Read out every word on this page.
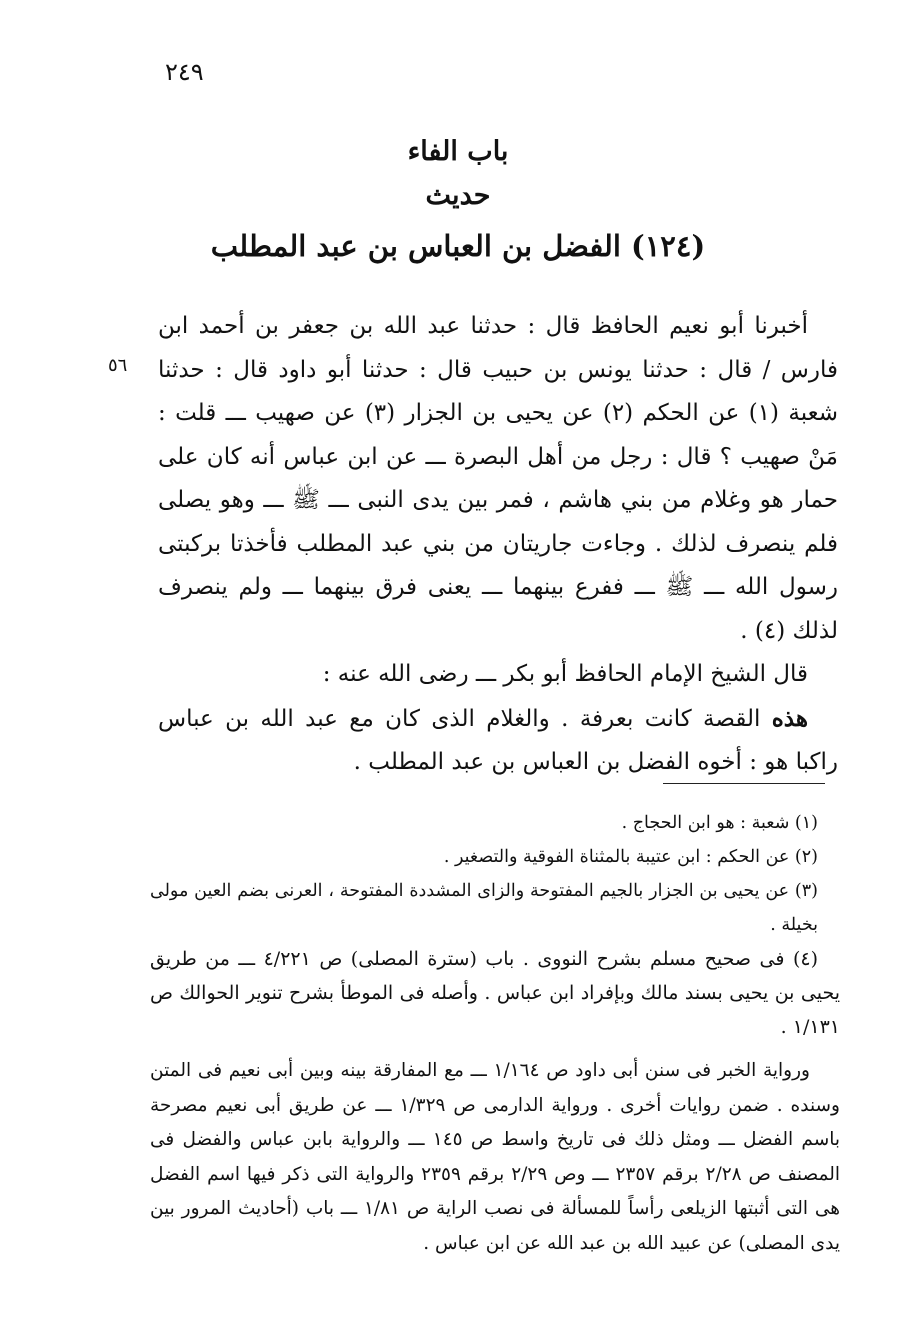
٢٤٩
٥٦
باب الفاء
حديث
(١٢٤) الفضل بن العباس بن عبد المطلب

أخبرنا أبو نعيم الحافظ قال : حدثنا عبد الله بن جعفر بن أحمد ابن فارس / قال : حدثنا يونس بن حبيب قال : حدثنا أبو داود قال : حدثنا شعبة (١) عن الحكم (٢) عن يحيى بن الجزار (٣) عن صهيب ـــ قلت : مَنْ صهيب ؟ قال : رجل من أهل البصرة ـــ عن ابن عباس أنه كان على حمار هو وغلام من بني هاشم ، فمر بين يدى النبى ـــ ﷺ ـــ وهو يصلى فلم ينصرف لذلك . وجاءت جاريتان من بني عبد المطلب فأخذتا بركبتى رسول الله ـــ ﷺ ـــ ففرع بينهما ـــ يعنى فرق بينهما ـــ ولم ينصرف لذلك (٤) .

قال الشيخ الإمام الحافظ أبو بكر ـــ رضى الله عنه :

هذه القصة كانت بعرفة . والغلام الذى كان مع عبد الله بن عباس راكبا هو : أخوه الفضل بن العباس بن عبد المطلب .

(١) شعبة : هو ابن الحجاج .

(٢) عن الحكم : ابن عتيبة بالمثناة الفوقية والتصغير .

(٣) عن يحيى بن الجزار بالجيم المفتوحة والزاى المشددة المفتوحة ، العرنى بضم العين مولى بخيلة .

(٤) فى صحيح مسلم بشرح النووى . باب (سترة المصلى) ص ٤/٢٢١ ـــ من طريق يحيى بن يحيى بسند مالك وبإفراد ابن عباس . وأصله فى الموطأ بشرح تنوير الحوالك ص ١/١٣١ .

ورواية الخبر فى سنن أبى داود ص ١/١٦٤ ـــ مع المفارقة بينه وبين أبى نعيم فى المتن وسنده . ضمن روايات أخرى . ورواية الدارمى ص ١/٣٢٩ ـــ عن طريق أبى نعيم مصرحة باسم الفضل ـــ ومثل ذلك فى تاريخ واسط ص ١٤٥ ـــ والرواية بابن عباس والفضل فى المصنف ص ٢/٢٨ برقم ٢٣٥٧ ـــ وص ٢/٢٩ برقم ٢٣٥٩ والرواية التى ذكر فيها اسم الفضل هى التى أثبتها الزيلعى رأساً للمسألة فى نصب الراية ص ١/٨١ ـــ باب (أحاديث المرور بين يدى المصلى) عن عبيد الله بن عبد الله عن ابن عباس .
